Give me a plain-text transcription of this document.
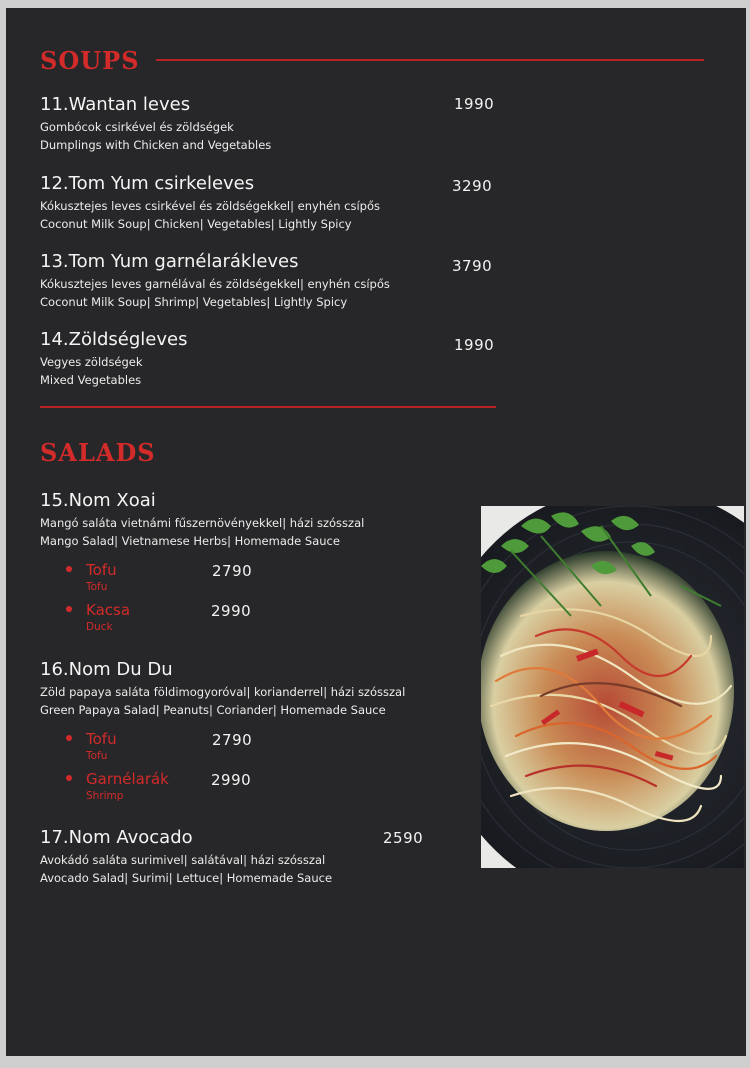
SOUPS
11.Wantan leves
Gombócok csirkével és zöldségek
Dumplings with Chicken and Vegetables
1990
12.Tom Yum csirkeleves
Kókusztejes leves csirkével és zöldségekkel| enyhén csípős
Coconut Milk Soup| Chicken| Vegetables| Lightly Spicy
3290
13.Tom Yum garnélarákleves
Kókusztejes leves garnélával és zöldségekkel| enyhén csípős
Coconut Milk Soup| Shrimp| Vegetables| Lightly Spicy
3790
14.Zöldségleves
Vegyes zöldségek
Mixed Vegetables
1990
SALADS
15.Nom Xoai
Mangó saláta vietnámi fűszernövényekkel| házi szósszal
Mango Salad| Vietnamese Herbs| Homemade Sauce
Tofu
Tofu
2790
Kacsa
Duck
2990
16.Nom Du Du
Zöld papaya saláta földimogyoróval| korianderrel| házi szósszal
Green Papaya Salad| Peanuts| Coriander| Homemade Sauce
Tofu
Tofu
2790
Garnélarák
Shrimp
2990
17.Nom Avocado
Avokádó saláta surimivel| salátával| házi szósszal
Avocado Salad| Surimi| Lettuce| Homemade Sauce
2590
